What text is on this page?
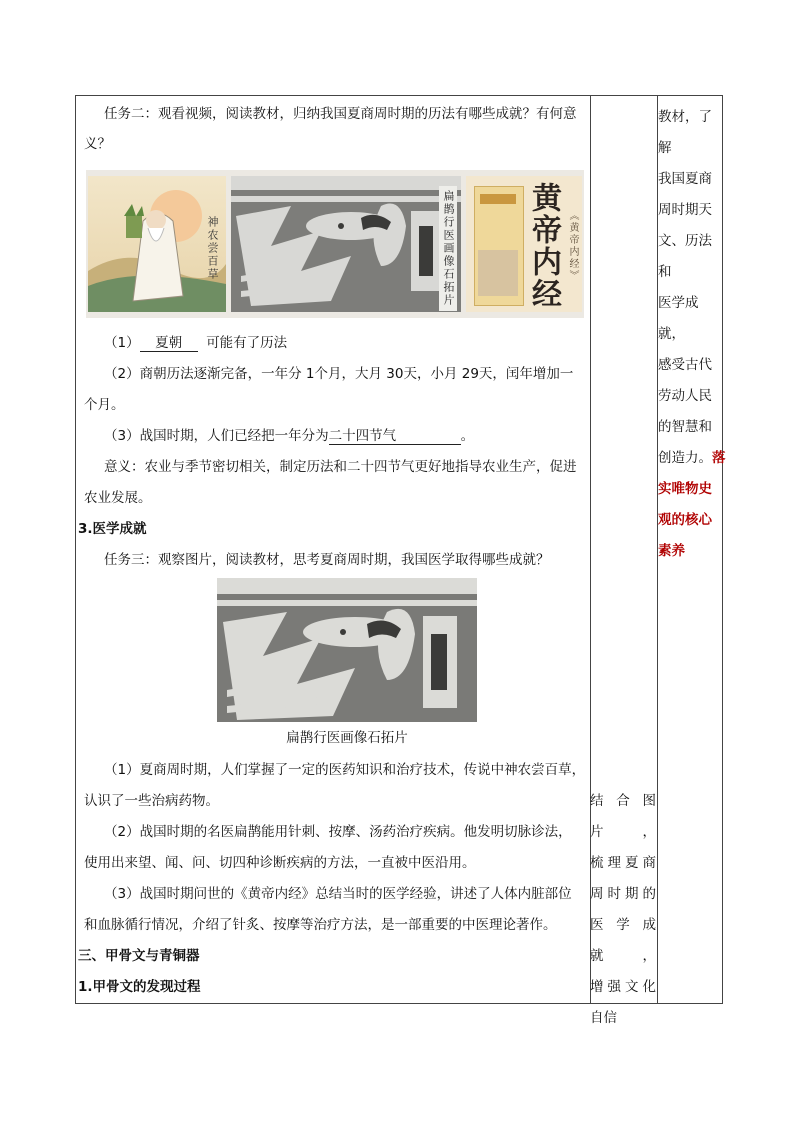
任务二：观看视频，阅读教材，归纳我国夏商周时期的历法有哪些成就？有何意

义？

神农尝百草	扁鹊行医画像石拓片 黄帝内经 《黄帝内经》

（1） 夏朝 可能有了历法

（2）商朝历法逐渐完备，一年分 1个月，大月 30天，小月 29天，闰年增加一

个月。

（3）战国时期，人们已经把一年分为二十四节气	。

意义：农业与季节密切相关，制定历法和二十四节气更好地指导农业生产，促进

农业发展。

3.医学成就

任务三：观察图片，阅读教材，思考夏商周时期，我国医学取得哪些成就？

扁鹊行医画像石拓片

（1）夏商周时期，人们掌握了一定的医药知识和治疗技术，传说中神农尝百草，

认识了一些治病药物。

（2）战国时期的名医扁鹊能用针刺、按摩、汤药治疗疾病。他发明切脉诊法，

使用出来望、闻、问、切四种诊断疾病的方法，一直被中医沿用。

（3）战国时期问世的《黄帝内经》总结当时的医学经验，讲述了人体内脏部位

和血脉循行情况，介绍了针炙、按摩等治疗方法，是一部重要的中医理论著作。

三、甲骨文与青铜器

1.甲骨文的发现过程

结合图片，
梳理夏商
周时期的
医学成就，
增强文化
自信
教材，了解
我国夏商
周时期天
文、历法和
医学成就，
感受古代
劳动人民
的智慧和
创造力。落
实唯物史
观的核心
素养
